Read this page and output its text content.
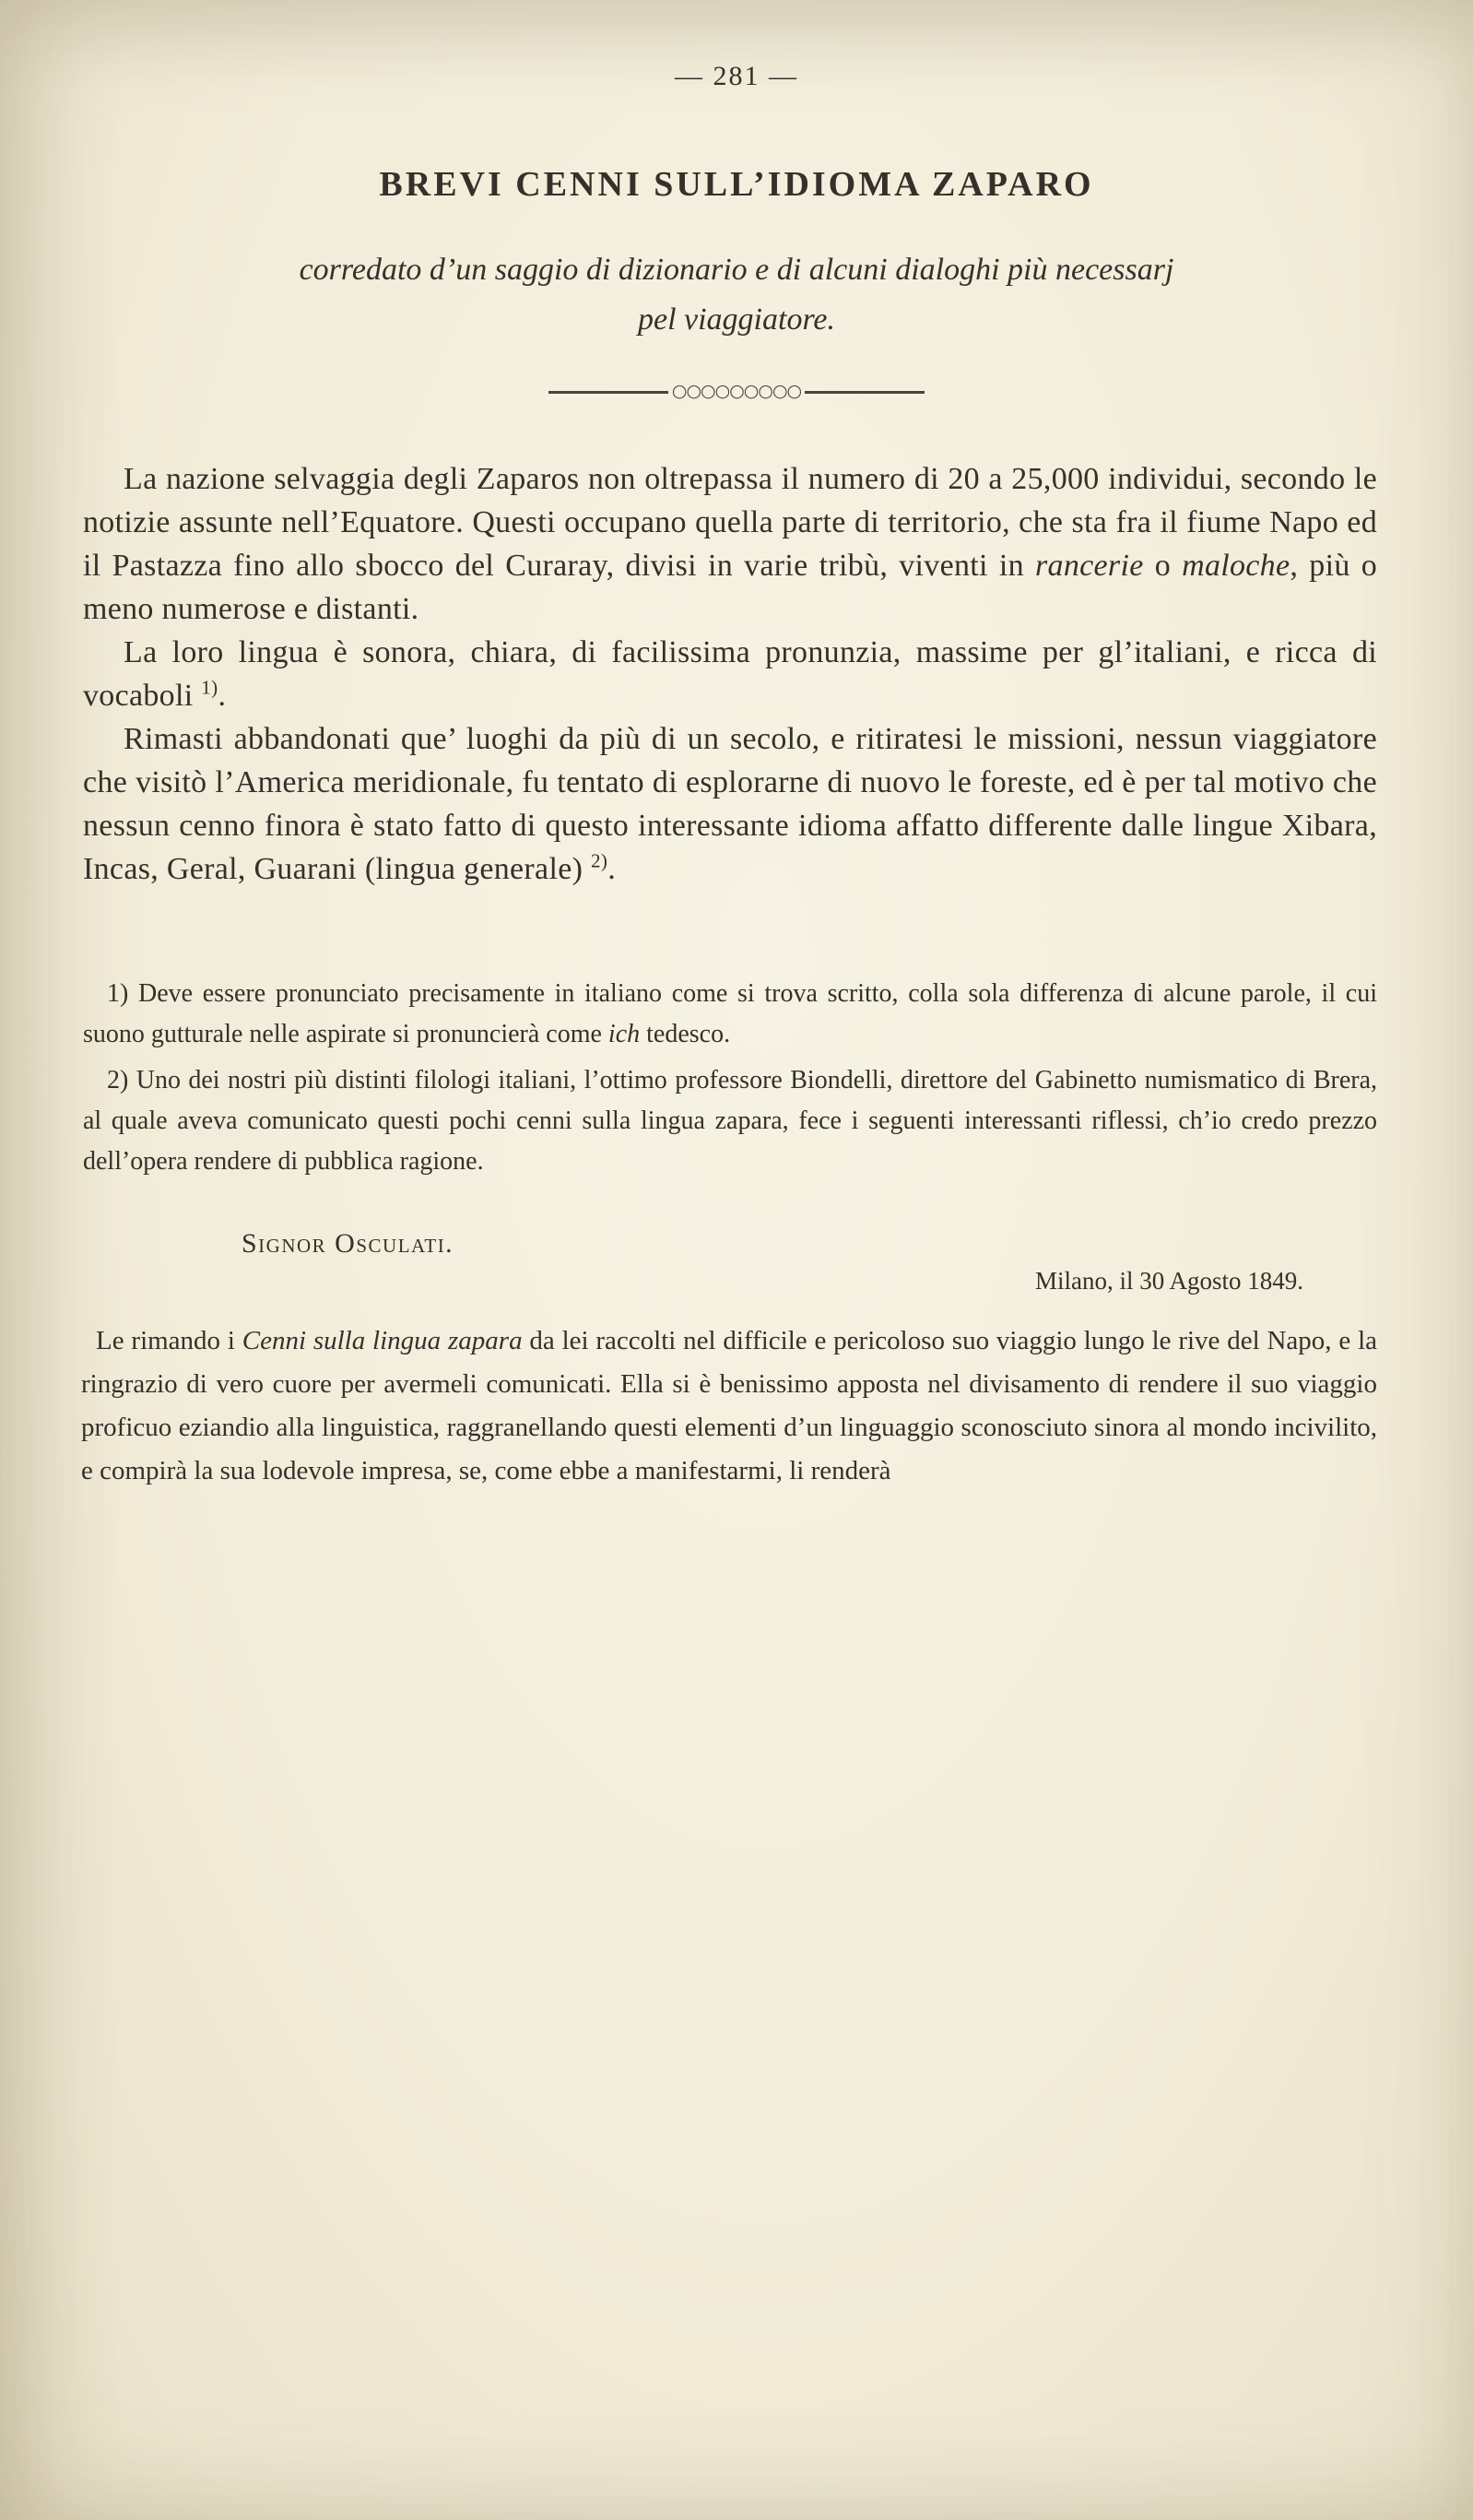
— 281 —
BREVI CENNI SULL’IDIOMA ZAPARO
corredato d’un saggio di dizionario e di alcuni dialoghi più necessarj
pel viaggiatore.
○○○○○○○○○

La nazione selvaggia degli Zaparos non oltrepassa il numero di 20 a 25,000 individui, secondo le notizie assunte nell’Equatore. Questi occupano quella parte di territorio, che sta fra il fiume Napo ed il Pastazza fino allo sbocco del Curaray, divisi in varie tribù, viventi in rancerie o maloche, più o meno numerose e distanti.

La loro lingua è sonora, chiara, di facilissima pronunzia, massime per gl’italiani, e ricca di vocaboli $^{1)}$.

Rimasti abbandonati que’ luoghi da più di un secolo, e ritiratesi le missioni, nessun viaggiatore che visitò l’America meridionale, fu tentato di esplorarne di nuovo le foreste, ed è per tal motivo che nessun cenno finora è stato fatto di questo interessante idioma affatto differente dalle lingue Xibara, Incas, Geral, Guarani (lingua generale) $^{2)}$.

1) Deve essere pronunciato precisamente in italiano come si trova scritto, colla sola differenza di alcune parole, il cui suono gutturale nelle aspirate si pronuncierà come ich tedesco.

2) Uno dei nostri più distinti filologi italiani, l’ottimo professore Biondelli, direttore del Gabinetto numismatico di Brera, al quale aveva comunicato questi pochi cenni sulla lingua zapara, fece i seguenti interessanti riflessi, ch’io credo prezzo dell’opera rendere di pubblica ragione.

Signor Osculati.
Milano, il 30 Agosto 1849.

Le rimando i Cenni sulla lingua zapara da lei raccolti nel difficile e pericoloso suo viaggio lungo le rive del Napo, e la ringrazio di vero cuore per avermeli comunicati. Ella si è benissimo apposta nel divisamento di rendere il suo viaggio proficuo eziandio alla linguistica, raggranellando questi elementi d’un linguaggio sconosciuto sinora al mondo incivilito, e compirà la sua lodevole impresa, se, come ebbe a manifestarmi, li renderà
